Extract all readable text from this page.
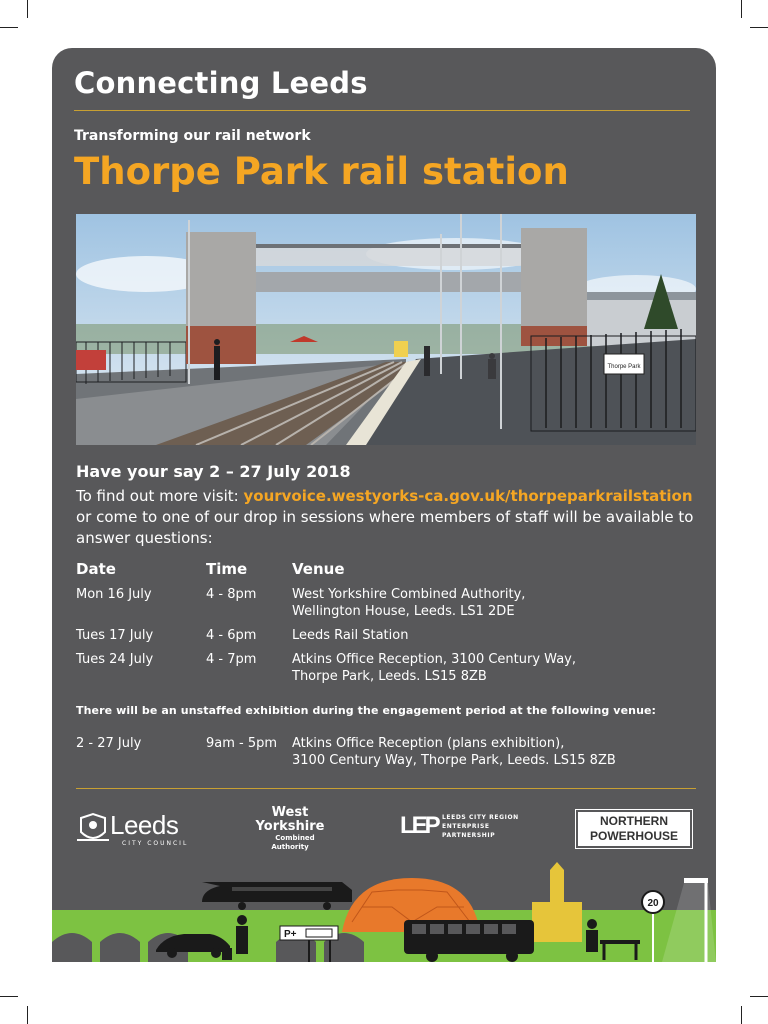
Connecting Leeds

Transforming our rail network

Thorpe Park rail station
Thorpe Park
Have your say 2 – 27 July 2018

To find out more visit: yourvoice.westyorks-ca.gov.uk/thorpeparkrailstation
or come to one of our drop in sessions where members of staff will be available to answer questions:

Date	Time	Venue
Mon 16 July	4 - 8pm	West Yorkshire Combined Authority,
Wellington House, Leeds. LS1 2DE
Tues 17 July	4 - 6pm	Leeds Rail Station
Tues 24 July	4 - 7pm	Atkins Office Reception, 3100 Century Way,
Thorpe Park, Leeds. LS15 8ZB

There will be an unstaffed exhibition during the engagement period at the following venue:

2 - 27 July	9am - 5pm Atkins Office Reception (plans exhibition),
3100 Century Way, Thorpe Park, Leeds. LS15 8ZB
Leeds
CITY COUNCIL
West
Yorkshire
Combined
Authority
LEP LEEDS CITY REGION
ENTERPRISE
PARTNERSHIP
NORTHERN
POWERHOUSE
P+
20
